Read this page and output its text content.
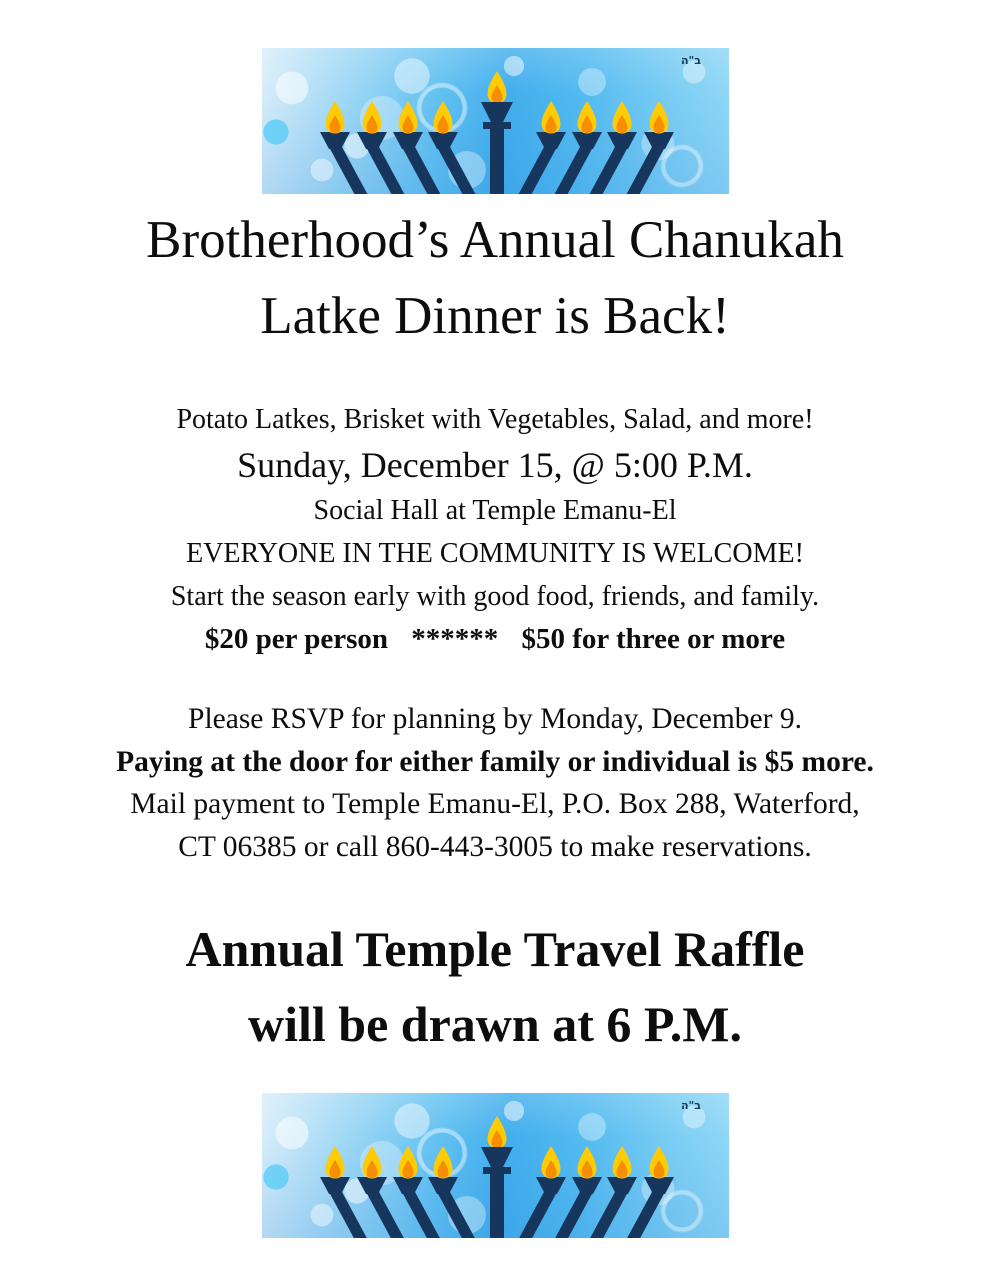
ב"ה
Brotherhood’s Annual Chanukah
Latke Dinner is Back!
Potato Latkes, Brisket with Vegetables, Salad, and more!
Sunday, December 15, @ 5:00 P.M.
Social Hall at Temple Emanu-El
EVERYONE IN THE COMMUNITY IS WELCOME!
Start the season early with good food, friends, and family.
$20 per person ****** $50 for three or more
Please RSVP for planning by Monday, December 9.
Paying at the door for either family or individual is $5 more.
Mail payment to Temple Emanu-El, P.O. Box 288, Waterford,
CT 06385 or call 860-443-3005 to make reservations.
Annual Temple Travel Raffle
will be drawn at 6 P.M.
ב"ה
